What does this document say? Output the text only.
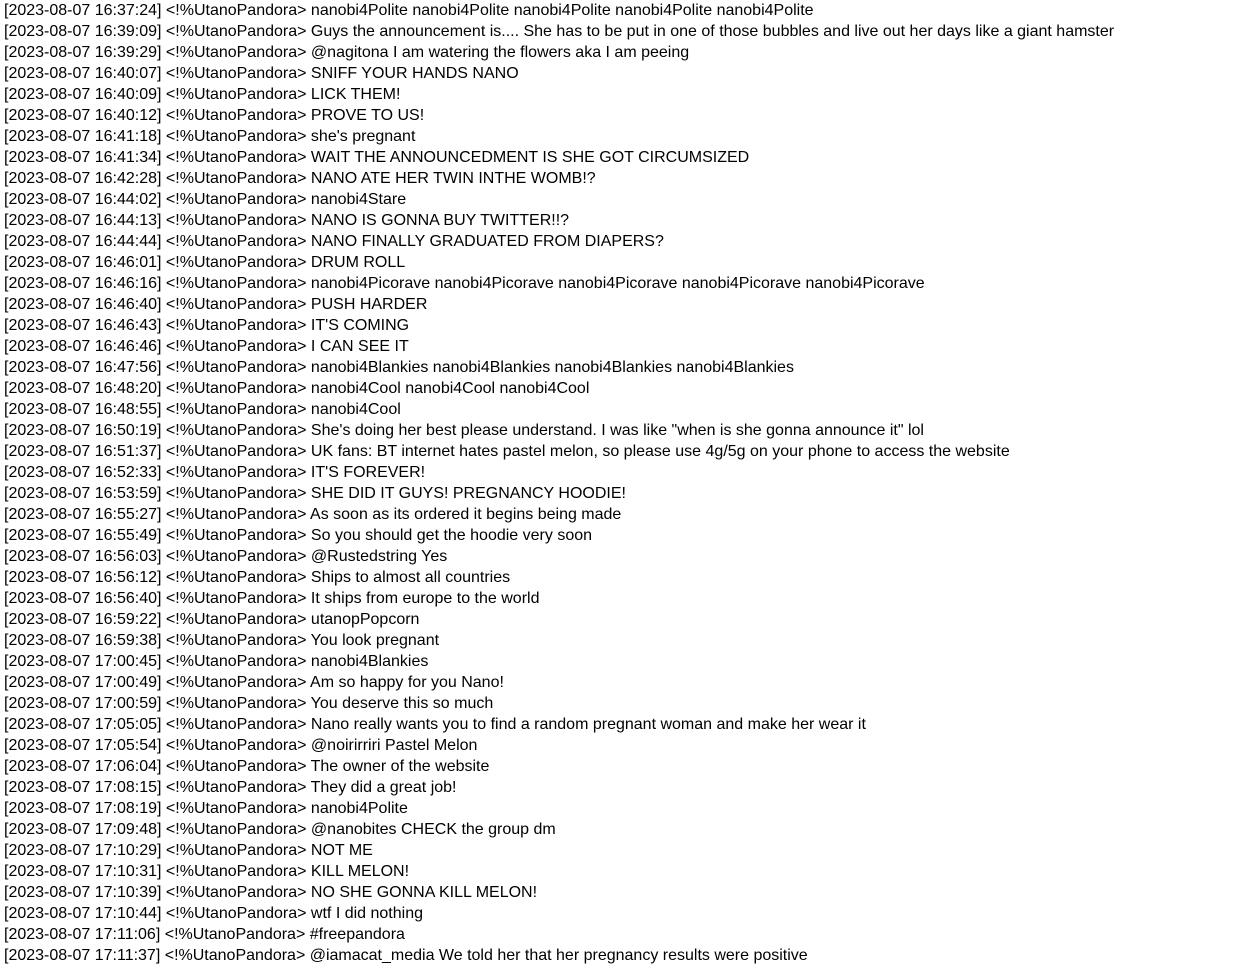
[2023-08-07 16:37:24] <!%UtanoPandora> nanobi4Polite nanobi4Polite nanobi4Polite nanobi4Polite nanobi4Polite
[2023-08-07 16:39:09] <!%UtanoPandora> Guys the announcement is.... She has to be put in one of those bubbles and live out her days like a giant hamster
[2023-08-07 16:39:29] <!%UtanoPandora> @nagitona I am watering the flowers aka I am peeing
[2023-08-07 16:40:07] <!%UtanoPandora> SNIFF YOUR HANDS NANO
[2023-08-07 16:40:09] <!%UtanoPandora> LICK THEM!
[2023-08-07 16:40:12] <!%UtanoPandora> PROVE TO US!
[2023-08-07 16:41:18] <!%UtanoPandora> she's pregnant
[2023-08-07 16:41:34] <!%UtanoPandora> WAIT THE ANNOUNCEDMENT IS SHE GOT CIRCUMSIZED
[2023-08-07 16:42:28] <!%UtanoPandora> NANO ATE HER TWIN INTHE WOMB!?
[2023-08-07 16:44:02] <!%UtanoPandora> nanobi4Stare
[2023-08-07 16:44:13] <!%UtanoPandora> NANO IS GONNA BUY TWITTER!!?
[2023-08-07 16:44:44] <!%UtanoPandora> NANO FINALLY GRADUATED FROM DIAPERS?
[2023-08-07 16:46:01] <!%UtanoPandora> DRUM ROLL
[2023-08-07 16:46:16] <!%UtanoPandora> nanobi4Picorave nanobi4Picorave nanobi4Picorave nanobi4Picorave nanobi4Picorave
[2023-08-07 16:46:40] <!%UtanoPandora> PUSH HARDER
[2023-08-07 16:46:43] <!%UtanoPandora> IT'S COMING
[2023-08-07 16:46:46] <!%UtanoPandora> I CAN SEE IT
[2023-08-07 16:47:56] <!%UtanoPandora> nanobi4Blankies nanobi4Blankies nanobi4Blankies nanobi4Blankies
[2023-08-07 16:48:20] <!%UtanoPandora> nanobi4Cool nanobi4Cool nanobi4Cool
[2023-08-07 16:48:55] <!%UtanoPandora> nanobi4Cool
[2023-08-07 16:50:19] <!%UtanoPandora> She's doing her best please understand. I was like "when is she gonna announce it" lol
[2023-08-07 16:51:37] <!%UtanoPandora> UK fans: BT internet hates pastel melon, so please use 4g/5g on your phone to access the website
[2023-08-07 16:52:33] <!%UtanoPandora> IT'S FOREVER!
[2023-08-07 16:53:59] <!%UtanoPandora> SHE DID IT GUYS! PREGNANCY HOODIE!
[2023-08-07 16:55:27] <!%UtanoPandora> As soon as its ordered it begins being made
[2023-08-07 16:55:49] <!%UtanoPandora> So you should get the hoodie very soon
[2023-08-07 16:56:03] <!%UtanoPandora> @Rustedstring Yes
[2023-08-07 16:56:12] <!%UtanoPandora> Ships to almost all countries
[2023-08-07 16:56:40] <!%UtanoPandora> It ships from europe to the world
[2023-08-07 16:59:22] <!%UtanoPandora> utanopPopcorn
[2023-08-07 16:59:38] <!%UtanoPandora> You look pregnant
[2023-08-07 17:00:45] <!%UtanoPandora> nanobi4Blankies
[2023-08-07 17:00:49] <!%UtanoPandora> Am so happy for you Nano!
[2023-08-07 17:00:59] <!%UtanoPandora> You deserve this so much
[2023-08-07 17:05:05] <!%UtanoPandora> Nano really wants you to find a random pregnant woman and make her wear it
[2023-08-07 17:05:54] <!%UtanoPandora> @noirirriri Pastel Melon
[2023-08-07 17:06:04] <!%UtanoPandora> The owner of the website
[2023-08-07 17:08:15] <!%UtanoPandora> They did a great job!
[2023-08-07 17:08:19] <!%UtanoPandora> nanobi4Polite
[2023-08-07 17:09:48] <!%UtanoPandora> @nanobites CHECK the group dm
[2023-08-07 17:10:29] <!%UtanoPandora> NOT ME
[2023-08-07 17:10:31] <!%UtanoPandora> KILL MELON!
[2023-08-07 17:10:39] <!%UtanoPandora> NO SHE GONNA KILL MELON!
[2023-08-07 17:10:44] <!%UtanoPandora> wtf I did nothing
[2023-08-07 17:11:06] <!%UtanoPandora> #freepandora
[2023-08-07 17:11:37] <!%UtanoPandora> @iamacat_media We told her that her pregnancy results were positive
